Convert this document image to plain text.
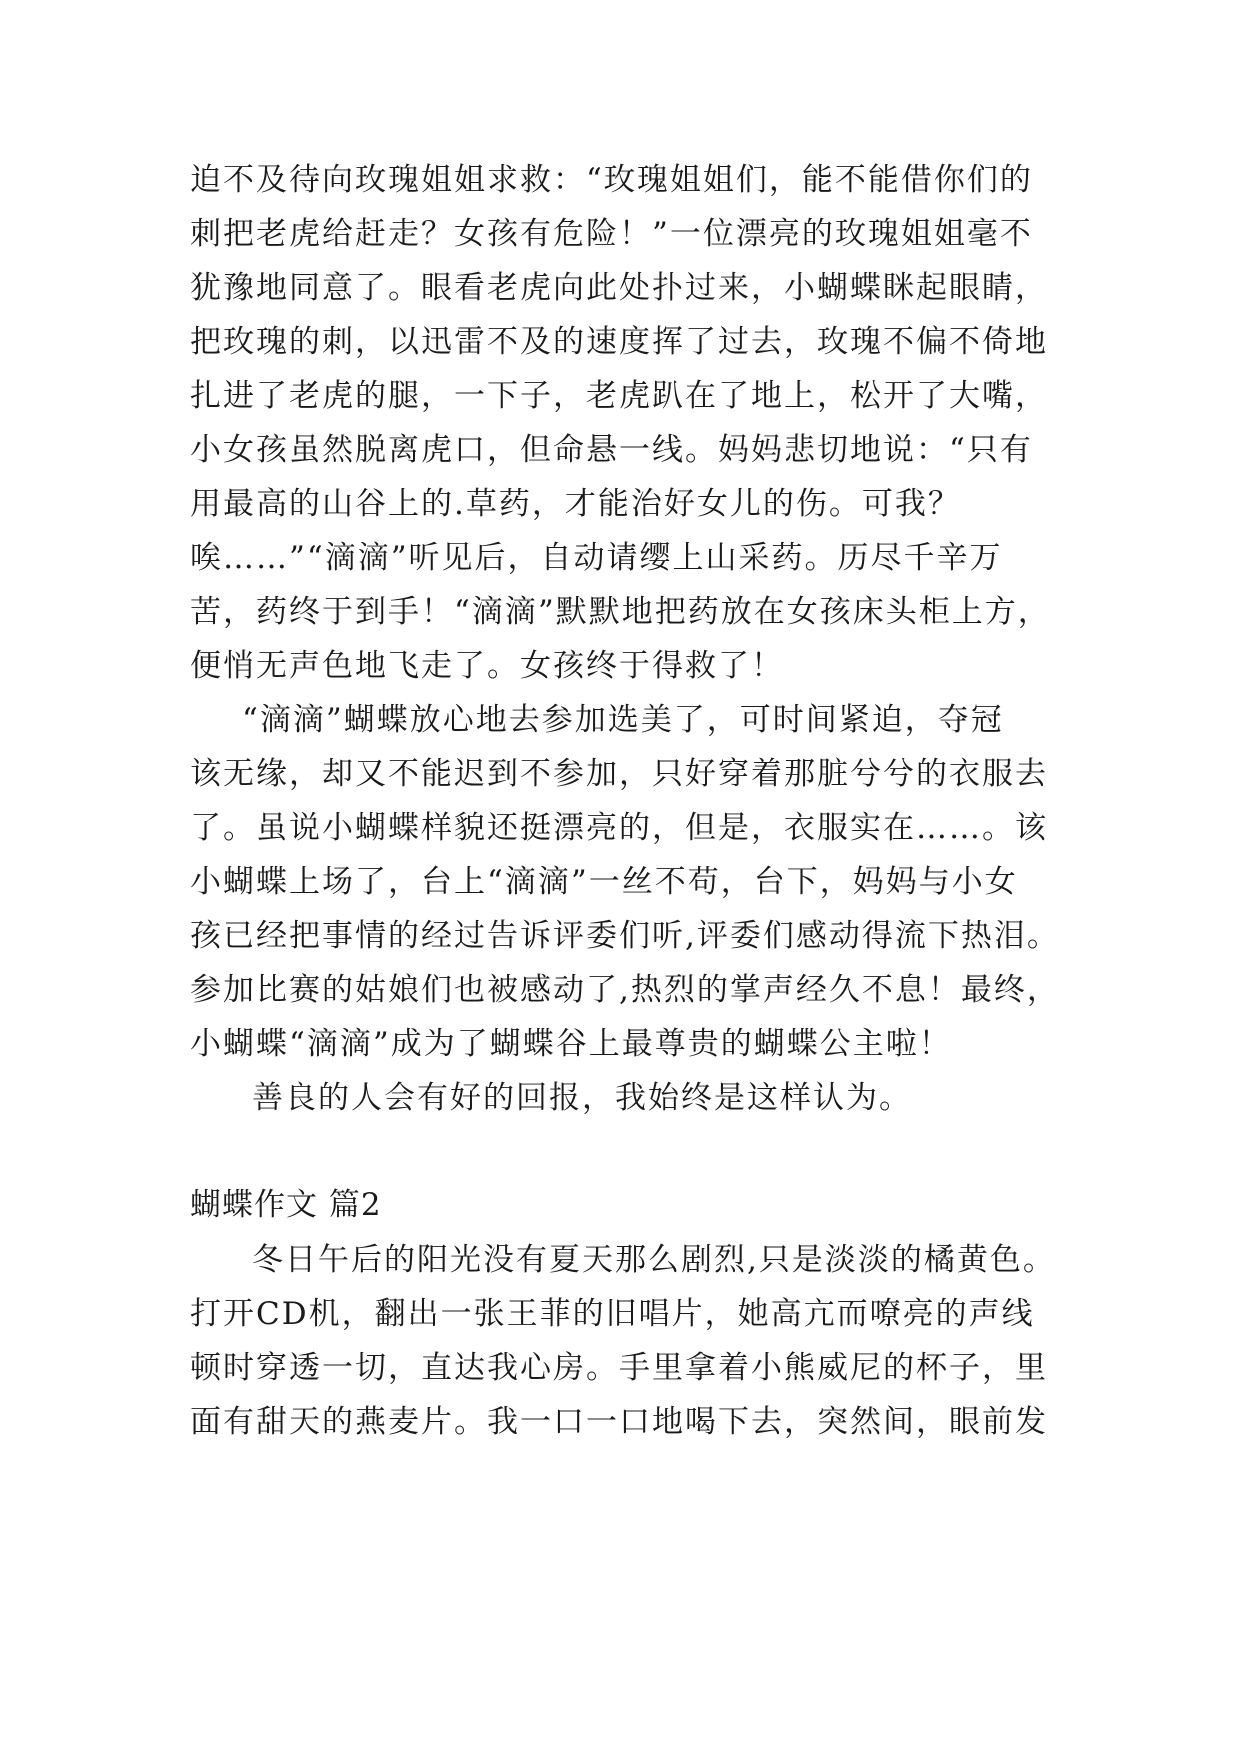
迫不及待向玫瑰姐姐求救：“玫瑰姐姐们，能不能借你们的
刺把老虎给赶走？女孩有危险！”一位漂亮的玫瑰姐姐毫不
犹豫地同意了。眼看老虎向此处扑过来，小蝴蝶眯起眼睛，
把玫瑰的刺，以迅雷不及的速度挥了过去，玫瑰不偏不倚地
扎进了老虎的腿，一下子，老虎趴在了地上，松开了大嘴，
小女孩虽然脱离虎口，但命悬一线。妈妈悲切地说：“只有
用最高的山谷上的.草药，才能治好女儿的伤。可我？
唉……”“滴滴”听见后，自动请缨上山采药。历尽千辛万
苦，药终于到手！“滴滴”默默地把药放在女孩床头柜上方，
便悄无声色地飞走了。女孩终于得救了！
“滴滴”蝴蝶放心地去参加选美了，可时间紧迫，夺冠
该无缘，却又不能迟到不参加，只好穿着那脏兮兮的衣服去
了。虽说小蝴蝶样貌还挺漂亮的，但是，衣服实在……。该
小蝴蝶上场了，台上“滴滴”一丝不苟，台下，妈妈与小女
孩已经把事情的经过告诉评委们听,评委们感动得流下热泪。
参加比赛的姑娘们也被感动了,热烈的掌声经久不息！最终，
小蝴蝶“滴滴”成为了蝴蝶谷上最尊贵的蝴蝶公主啦！
善良的人会有好的回报，我始终是这样认为。
蝴蝶作文 篇2
冬日午后的阳光没有夏天那么剧烈,只是淡淡的橘黄色。
打开CD机，翻出一张王菲的旧唱片，她高亢而嘹亮的声线
顿时穿透一切，直达我心房。手里拿着小熊威尼的杯子，里
面有甜天的燕麦片。我一口一口地喝下去，突然间，眼前发
